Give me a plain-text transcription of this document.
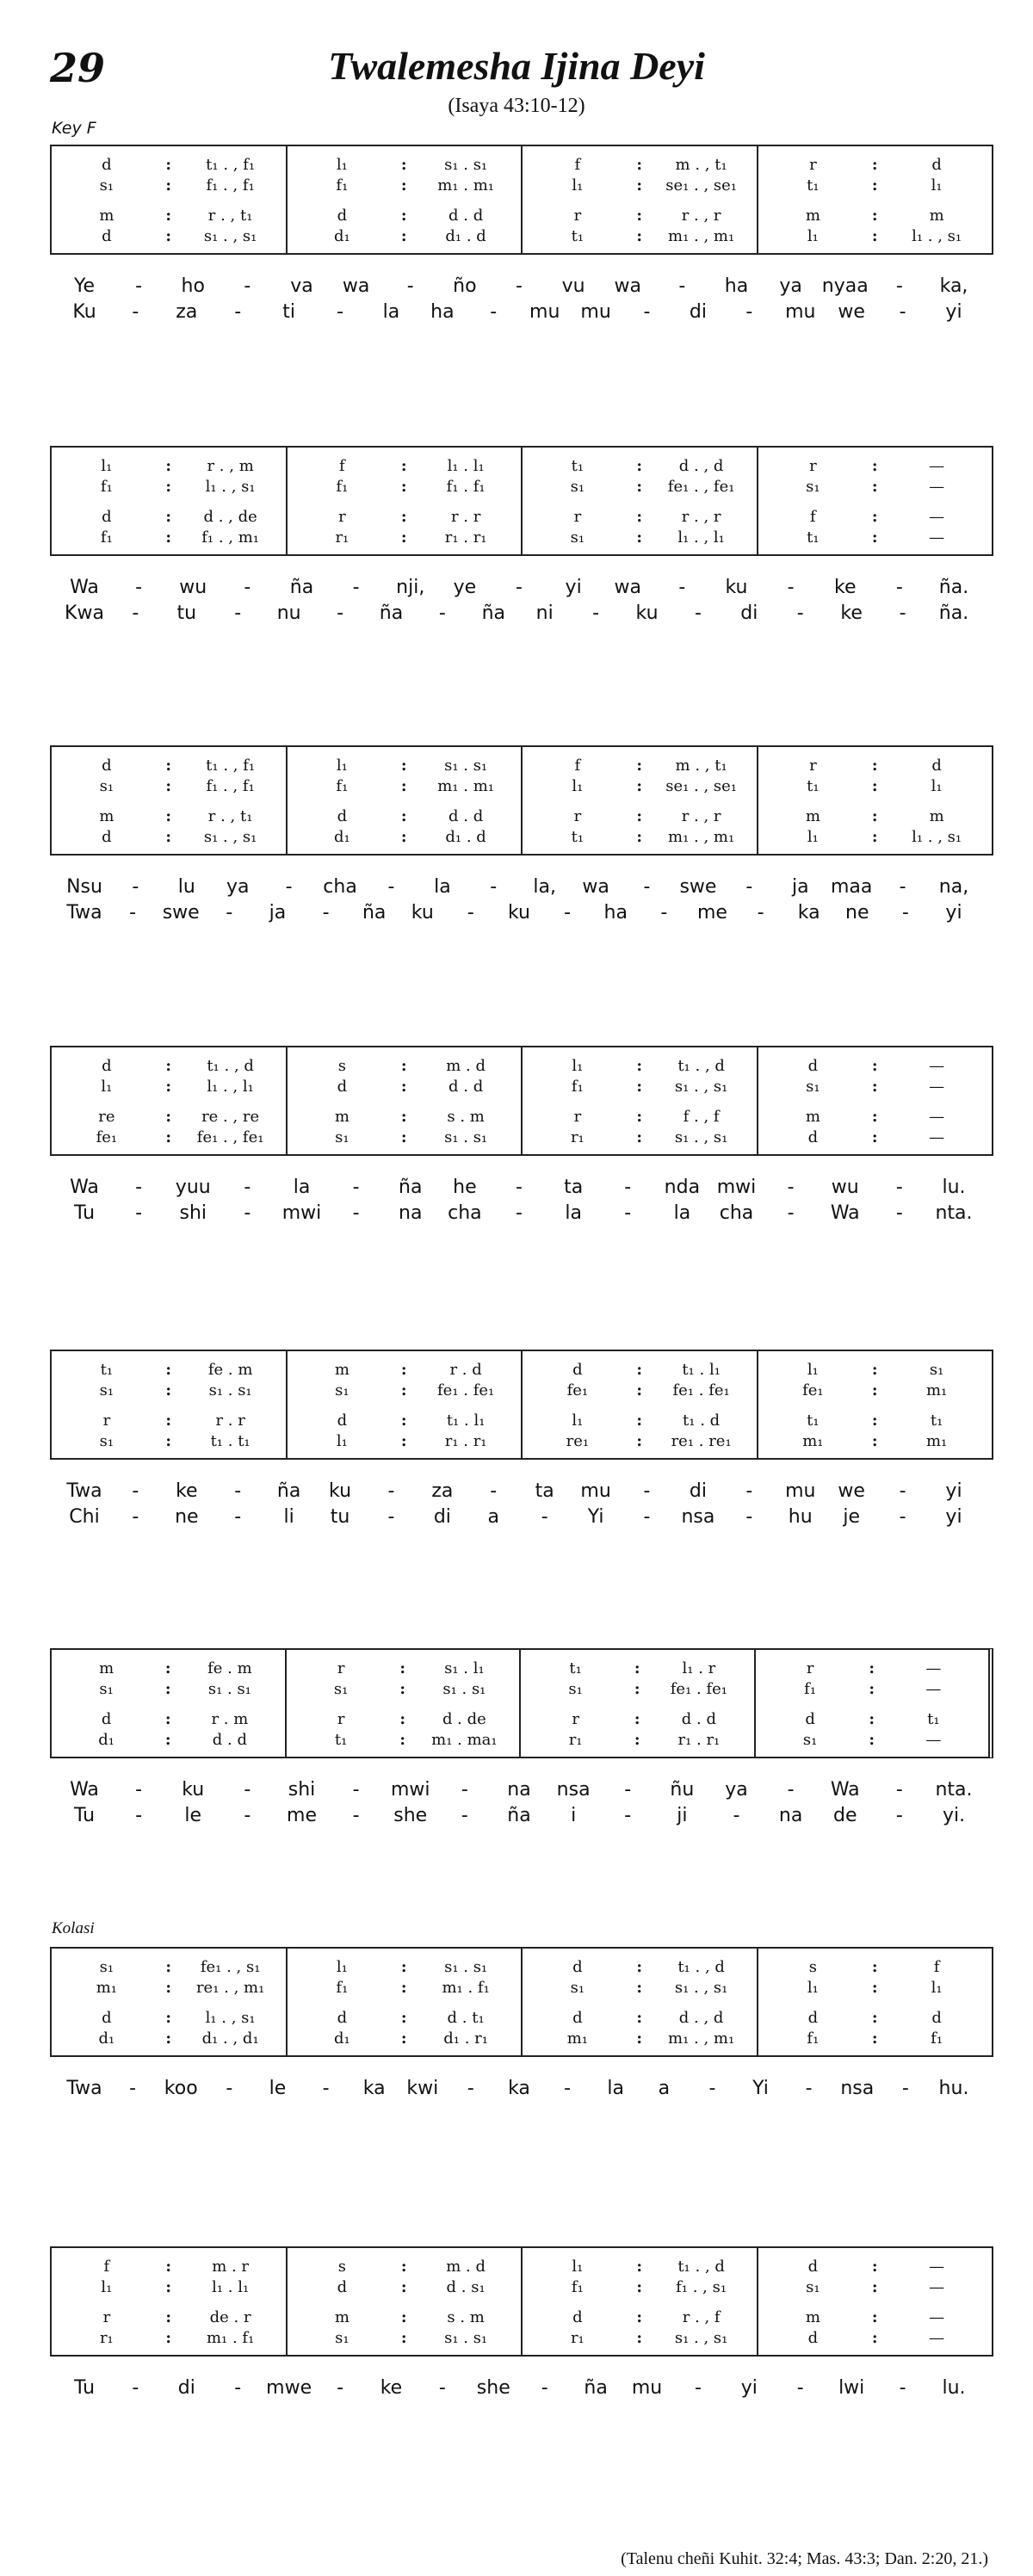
29	Twalemesha Ijina Deyi
(Isaya 43:10-12)
Key F
Kolasi
(Talenu cheñi Kuhit. 32:4; Mas. 43:3; Dan. 2:20, 21.)
d	:	t₁ . , f₁
s₁	:	f₁ . , f₁
m	:	r . , t₁
d	:	s₁ . , s₁
l₁	:	s₁ . s₁
f₁	:	m₁ . m₁
d	:	d . d
d₁	:	d₁ . d
f	:	m . , t₁
l₁	:	se₁ . , se₁
r	:	r . , r
t₁	:	m₁ . , m₁
r	:	d
t₁	:	l₁
m	:	m
l₁	:	l₁ . , s₁
Ye - ho - va wa - ño - vu wa - ha ya nyaa - ka,
Ku - za - ti - la ha - mu mu - di - mu we - yi
l₁	:	r . , m
f₁	:	l₁ . , s₁
d	:	d . , de
f₁	:	f₁ . , m₁
f	:	l₁ . l₁
f₁	:	f₁ . f₁
r	:	r . r
r₁	:	r₁ . r₁
t₁	:	d . , d
s₁	:	fe₁ . , fe₁
r	:	r . , r
s₁	:	l₁ . , l₁
r	:	—
s₁	:	—
f	:	—
t₁	:	—
Wa - wu - ña - nji, ye - yi wa - ku - ke - ña.
Kwa - tu - nu - ña - ña ni - ku - di - ke - ña.
d	:	t₁ . , f₁
s₁	:	f₁ . , f₁
m	:	r . , t₁
d	:	s₁ . , s₁
l₁	:	s₁ . s₁
f₁	:	m₁ . m₁
d	:	d . d
d₁	:	d₁ . d
f	:	m . , t₁
l₁	:	se₁ . , se₁
r	:	r . , r
t₁	:	m₁ . , m₁
r	:	d
t₁	:	l₁
m	:	m
l₁	:	l₁ . , s₁
Nsu - lu ya - cha - la - la, wa - swe - ja maa - na,
Twa - swe - ja - ña ku - ku - ha - me - ka ne - yi
d	:	t₁ . , d
l₁	:	l₁ . , l₁
re	:	re . , re
fe₁	:	fe₁ . , fe₁
s	:	m . d
d	:	d . d
m	:	s . m
s₁	:	s₁ . s₁
l₁	:	t₁ . , d
f₁	:	s₁ . , s₁
r	:	f . , f
r₁	:	s₁ . , s₁
d	:	—
s₁	:	—
m	:	—
d	:	—
Wa - yuu - la - ña he - ta - nda mwi - wu - lu.
Tu - shi - mwi - na cha - la - la cha - Wa - nta.
t₁	:	fe . m
s₁	:	s₁ . s₁
r	:	r . r
s₁	:	t₁ . t₁
m	:	r . d
s₁	:	fe₁ . fe₁
d	:	t₁ . l₁
l₁	:	r₁ . r₁
d	:	t₁ . l₁
fe₁	:	fe₁ . fe₁
l₁	:	t₁ . d
re₁	:	re₁ . re₁
l₁	:	s₁
fe₁	:	m₁
t₁	:	t₁
m₁	:	m₁
Twa - ke - ña ku - za - ta mu - di - mu we - yi
Chi - ne - li tu - di a - Yi - nsa - hu je - yi
m	:	fe . m
s₁	:	s₁ . s₁
d	:	r . m
d₁	:	d . d
r	:	s₁ . l₁
s₁	:	s₁ . s₁
r	:	d . de
t₁	:	m₁ . ma₁
t₁	:	l₁ . r
s₁	:	fe₁ . fe₁
r	:	d . d
r₁	:	r₁ . r₁
r	:	—
f₁	:	—
d	:	t₁
s₁	:	—
Wa - ku - shi - mwi - na nsa - ñu ya - Wa - nta.
Tu - le - me - she - ña i	- ji - na de - yi.
s₁	:	fe₁ . , s₁
m₁	:	re₁ . , m₁
d	:	l₁ . , s₁
d₁	:	d₁ . , d₁
l₁	:	s₁ . s₁
f₁	:	m₁ . f₁
d	:	d . t₁
d₁	:	d₁ . r₁
d	:	t₁ . , d
s₁	:	s₁ . , s₁
d	:	d . , d
m₁	:	m₁ . , m₁
s	:	f
l₁	:	l₁
d	:	d
f₁	:	f₁
Twa - koo - le - ka kwi - ka - la a - Yi - nsa - hu.
f	:	m . r
l₁	:	l₁ . l₁
r	:	de . r
r₁	:	m₁ . f₁
s	:	m . d
d	:	d . s₁
m	:	s . m
s₁	:	s₁ . s₁
l₁	:	t₁ . , d
f₁	:	f₁ . , s₁
d	:	r . , f
r₁	:	s₁ . , s₁
d	:	—
s₁	:	—
m	:	—
d	:	—
Tu - di - mwe - ke - she - ña mu - yi - lwi - lu.
